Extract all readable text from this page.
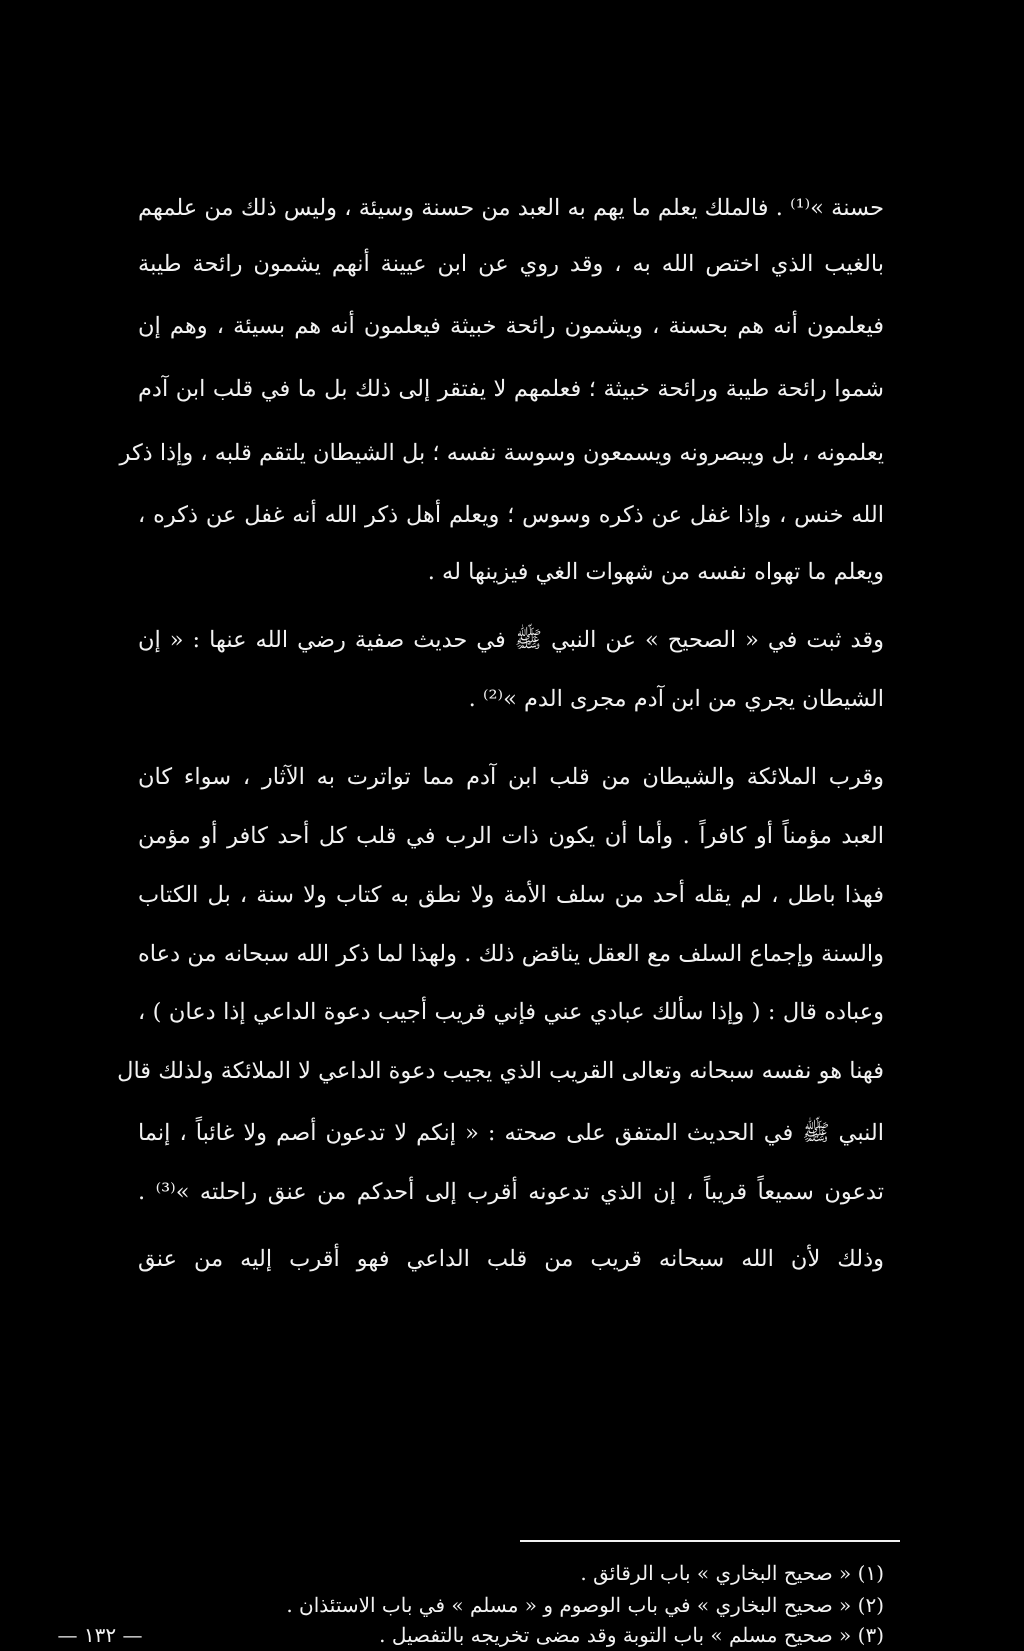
حسنة »⁽¹⁾ . فالملك يعلم ما يهم به العبد من حسنة وسيئة ، وليس ذلك من علمهم
بالغيب الذي اختص الله به ، وقد روي عن ابن عيينة أنهم يشمون رائحة طيبة
فيعلمون أنه هم بحسنة ، ويشمون رائحة خبيثة فيعلمون أنه هم بسيئة ، وهم إن
شموا رائحة طيبة ورائحة خبيثة ؛ فعلمهم لا يفتقر إلى ذلك بل ما في قلب ابن آدم
يعلمونه ، بل ويبصرونه ويسمعون وسوسة نفسه ؛ بل الشيطان يلتقم قلبه ، وإذا ذكر
الله خنس ، وإذا غفل عن ذكره وسوس ؛ ويعلم أهل ذكر الله أنه غفل عن ذكره ،
ويعلم ما تهواه نفسه من شهوات الغي فيزينها له .
وقد ثبت في « الصحيح » عن النبي ﷺ في حديث صفية رضي الله عنها : « إن
الشيطان يجري من ابن آدم مجرى الدم »⁽²⁾ .
وقرب الملائكة والشيطان من قلب ابن آدم مما تواترت به الآثار ، سواء كان
العبد مؤمناً أو كافراً . وأما أن يكون ذات الرب في قلب كل أحد كافر أو مؤمن
فهذا باطل ، لم يقله أحد من سلف الأمة ولا نطق به كتاب ولا سنة ، بل الكتاب
والسنة وإجماع السلف مع العقل يناقض ذلك . ولهذا لما ذكر الله سبحانه من دعاه
وعباده قال : ( وإذا سألك عبادي عني فإني قريب أجيب دعوة الداعي إذا دعان ) ،
فهنا هو نفسه سبحانه وتعالى القريب الذي يجيب دعوة الداعي لا الملائكة ولذلك قال
النبي ﷺ في الحديث المتفق على صحته : « إنكم لا تدعون أصم ولا غائباً ، إنما
تدعون سميعاً قريباً ، إن الذي تدعونه أقرب إلى أحدكم من عنق راحلته »⁽³⁾ .
وذلك لأن الله سبحانه قريب من قلب الداعي فهو أقرب إليه من عنق
(١) « صحيح البخاري » باب الرقائق .
(٢) « صحيح البخاري » في باب الوصوم و « مسلم » في باب الاستئذان .
(٣) « صحيح مسلم » باب التوبة وقد مضى تخريجه بالتفصيل .
— ١٣٢ —
